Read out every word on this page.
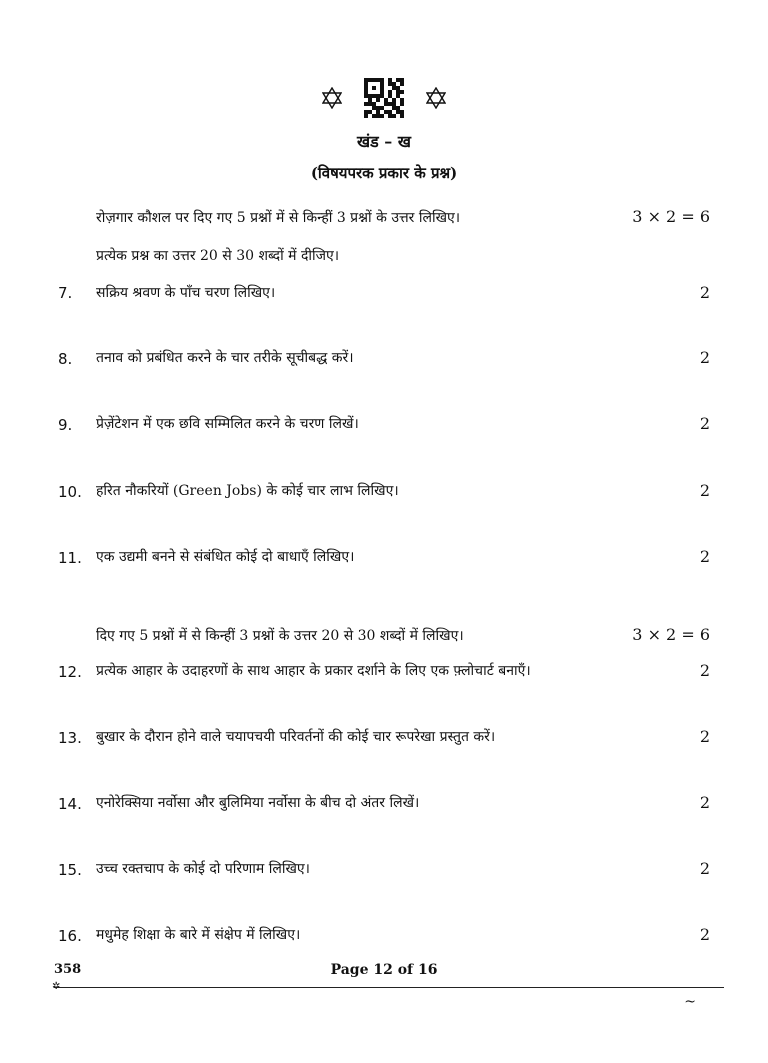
खंड – ख
(विषयपरक प्रकार के प्रश्न)
रोज़गार कौशल पर दिए गए 5 प्रश्नों में से किन्हीं 3 प्रश्नों के उत्तर लिखिए।	3 × 2 = 6
प्रत्येक प्रश्न का उत्तर 20 से 30 शब्दों में दीजिए।
7. सक्रिय श्रवण के पाँच चरण लिखिए।	2
8. तनाव को प्रबंधित करने के चार तरीके सूचीबद्ध करें।	2
9. प्रेज़ेंटेशन में एक छवि सम्मिलित करने के चरण लिखें।	2
10. हरित नौकरियों (Green Jobs) के कोई चार लाभ लिखिए।	2
11. एक उद्यमी बनने से संबंधित कोई दो बाधाएँ लिखिए।	2
दिए गए 5 प्रश्नों में से किन्हीं 3 प्रश्नों के उत्तर 20 से 30 शब्दों में लिखिए।	3 × 2 = 6
12. प्रत्येक आहार के उदाहरणों के साथ आहार के प्रकार दर्शाने के लिए एक फ़्लोचार्ट बनाएँ।	2
13. बुखार के दौरान होने वाले चयापचयी परिवर्तनों की कोई चार रूपरेखा प्रस्तुत करें।	2
14. एनोरेक्सिया नर्वोसा और बुलिमिया नर्वोसा के बीच दो अंतर लिखें।	2
15. उच्च रक्तचाप के कोई दो परिणाम लिखिए।	2
16. मधुमेह शिक्षा के बारे में संक्षेप में लिखिए।	2
358	Page 12 of 16
✲
~
